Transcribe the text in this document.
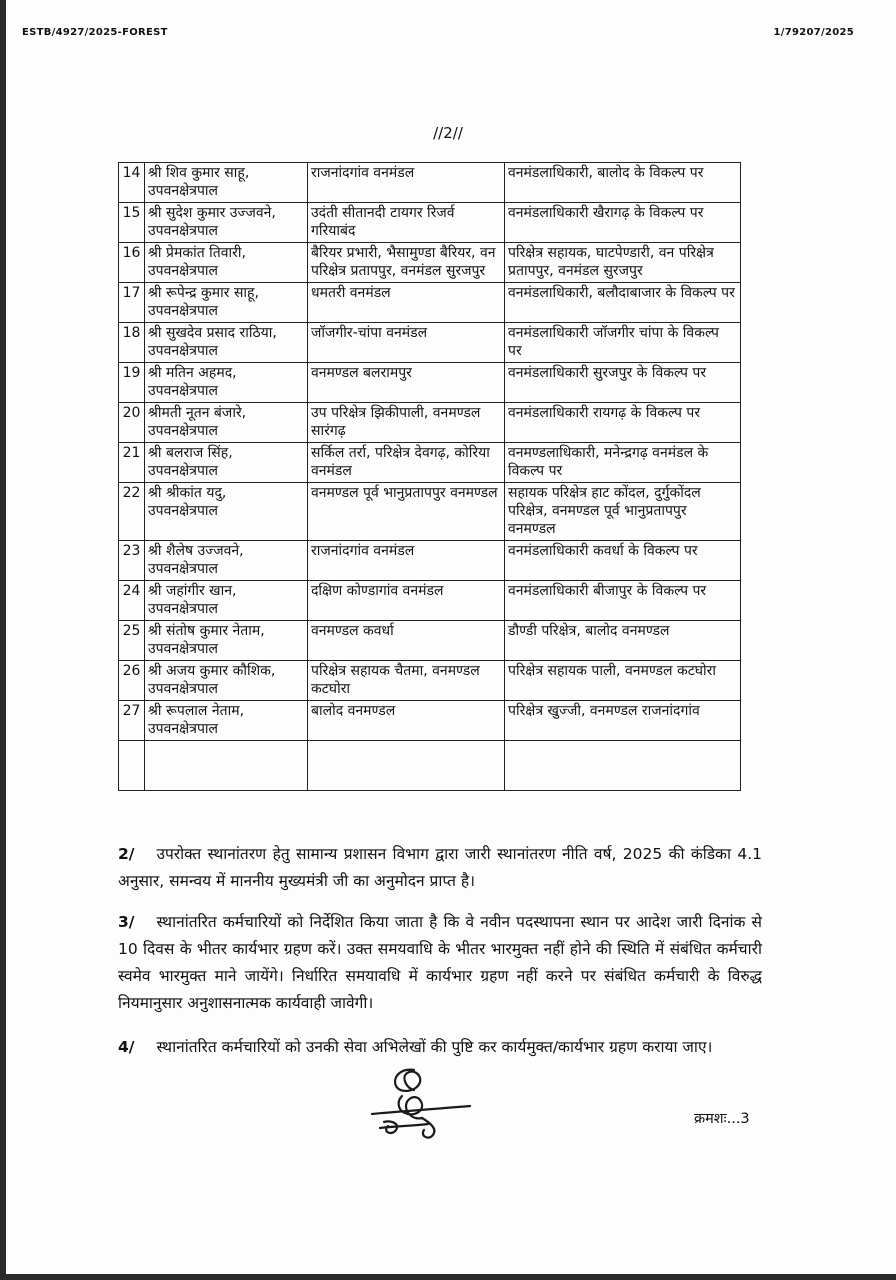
ESTB/4927/2025-FOREST	1/79207/2025
//2//
14	श्री शिव कुमार साहू,
उपवनक्षेत्रपाल	राजनांदगांव वनमंडल	वनमंडलाधिकारी, बालोद के विकल्प पर
15	श्री सुदेश कुमार उज्जवने,
उपवनक्षेत्रपाल	उदंती सीतानदी टायगर रिजर्व गरियाबंद	वनमंडलाधिकारी खैरागढ़ के विकल्प पर
16	श्री प्रेमकांत तिवारी,
उपवनक्षेत्रपाल	बैरियर प्रभारी, भैसामुण्डा बैरियर, वन परिक्षेत्र प्रतापपुर, वनमंडल सुरजपुर	परिक्षेत्र सहायक, घाटपेण्डारी, वन परिक्षेत्र प्रतापपुर, वनमंडल सुरजपुर
17	श्री रूपेन्द्र कुमार साहू,
उपवनक्षेत्रपाल	धमतरी वनमंडल	वनमंडलाधिकारी, बलौदाबाजार के विकल्प पर
18	श्री सुखदेव प्रसाद राठिया,
उपवनक्षेत्रपाल	जॉजगीर-चांपा वनमंडल	वनमंडलाधिकारी जॉजगीर चांपा के विकल्प पर
19	श्री मतिन अहमद,
उपवनक्षेत्रपाल	वनमण्डल बलरामपुर	वनमंडलाधिकारी सुरजपुर के विकल्प पर
20	श्रीमती नूतन बंजारे,
उपवनक्षेत्रपाल	उप परिक्षेत्र झिकीपाली, वनमण्डल सारंगढ़	वनमंडलाधिकारी रायगढ़ के विकल्प पर
21	श्री बलराज सिंह,
उपवनक्षेत्रपाल	सर्किल तर्रा, परिक्षेत्र देवगढ़, कोरिया वनमंडल	वनमण्डलाधिकारी, मनेन्द्रगढ़ वनमंडल के विकल्प पर
22	श्री श्रीकांत यदु,
उपवनक्षेत्रपाल	वनमण्डल पूर्व भानुप्रतापपुर वनमण्डल	सहायक परिक्षेत्र हाट कोंदल, दुर्गुकोंदल परिक्षेत्र, वनमण्डल पूर्व भानुप्रतापपुर वनमण्डल
23	श्री शैलेष उज्जवने,
उपवनक्षेत्रपाल	राजनांदगांव वनमंडल	वनमंडलाधिकारी कवर्धा के विकल्प पर
24	श्री जहांगीर खान,
उपवनक्षेत्रपाल	दक्षिण कोण्डागांव वनमंडल	वनमंडलाधिकारी बीजापुर के विकल्प पर
25	श्री संतोष कुमार नेताम,
उपवनक्षेत्रपाल	वनमण्डल कवर्धा	डौण्डी परिक्षेत्र, बालोद वनमण्डल
26	श्री अजय कुमार कौशिक,
उपवनक्षेत्रपाल	परिक्षेत्र सहायक चैतमा, वनमण्डल कटघोरा	परिक्षेत्र सहायक पाली, वनमण्डल कटघोरा
27	श्री रूपलाल नेताम,
उपवनक्षेत्रपाल	बालोद वनमण्डल	परिक्षेत्र खुज्जी, वनमण्डल राजनांदगांव

2/ उपरोक्त स्थानांतरण हेतु सामान्य प्रशासन विभाग द्वारा जारी स्थानांतरण नीति वर्ष, 2025 की कंडिका 4.1 अनुसार, समन्वय में माननीय मुख्यमंत्री जी का अनुमोदन प्राप्त है।
3/ स्थानांतरित कर्मचारियों को निर्देशित किया जाता है कि वे नवीन पदस्थापना स्थान पर आदेश जारी दिनांक से 10 दिवस के भीतर कार्यभार ग्रहण करें। उक्त समयवाधि के भीतर भारमुक्त नहीं होने की स्थिति में संबंधित कर्मचारी स्वमेव भारमुक्त माने जायेंगे। निर्धारित समयावधि में कार्यभार ग्रहण नहीं करने पर संबंधित कर्मचारी के विरुद्ध नियमानुसार अनुशासनात्मक कार्यवाही जावेगी।
4/ स्थानांतरित कर्मचारियों को उनकी सेवा अभिलेखों की पुष्टि कर कार्यमुक्त/कार्यभार ग्रहण कराया जाए।
क्रमशः...3
